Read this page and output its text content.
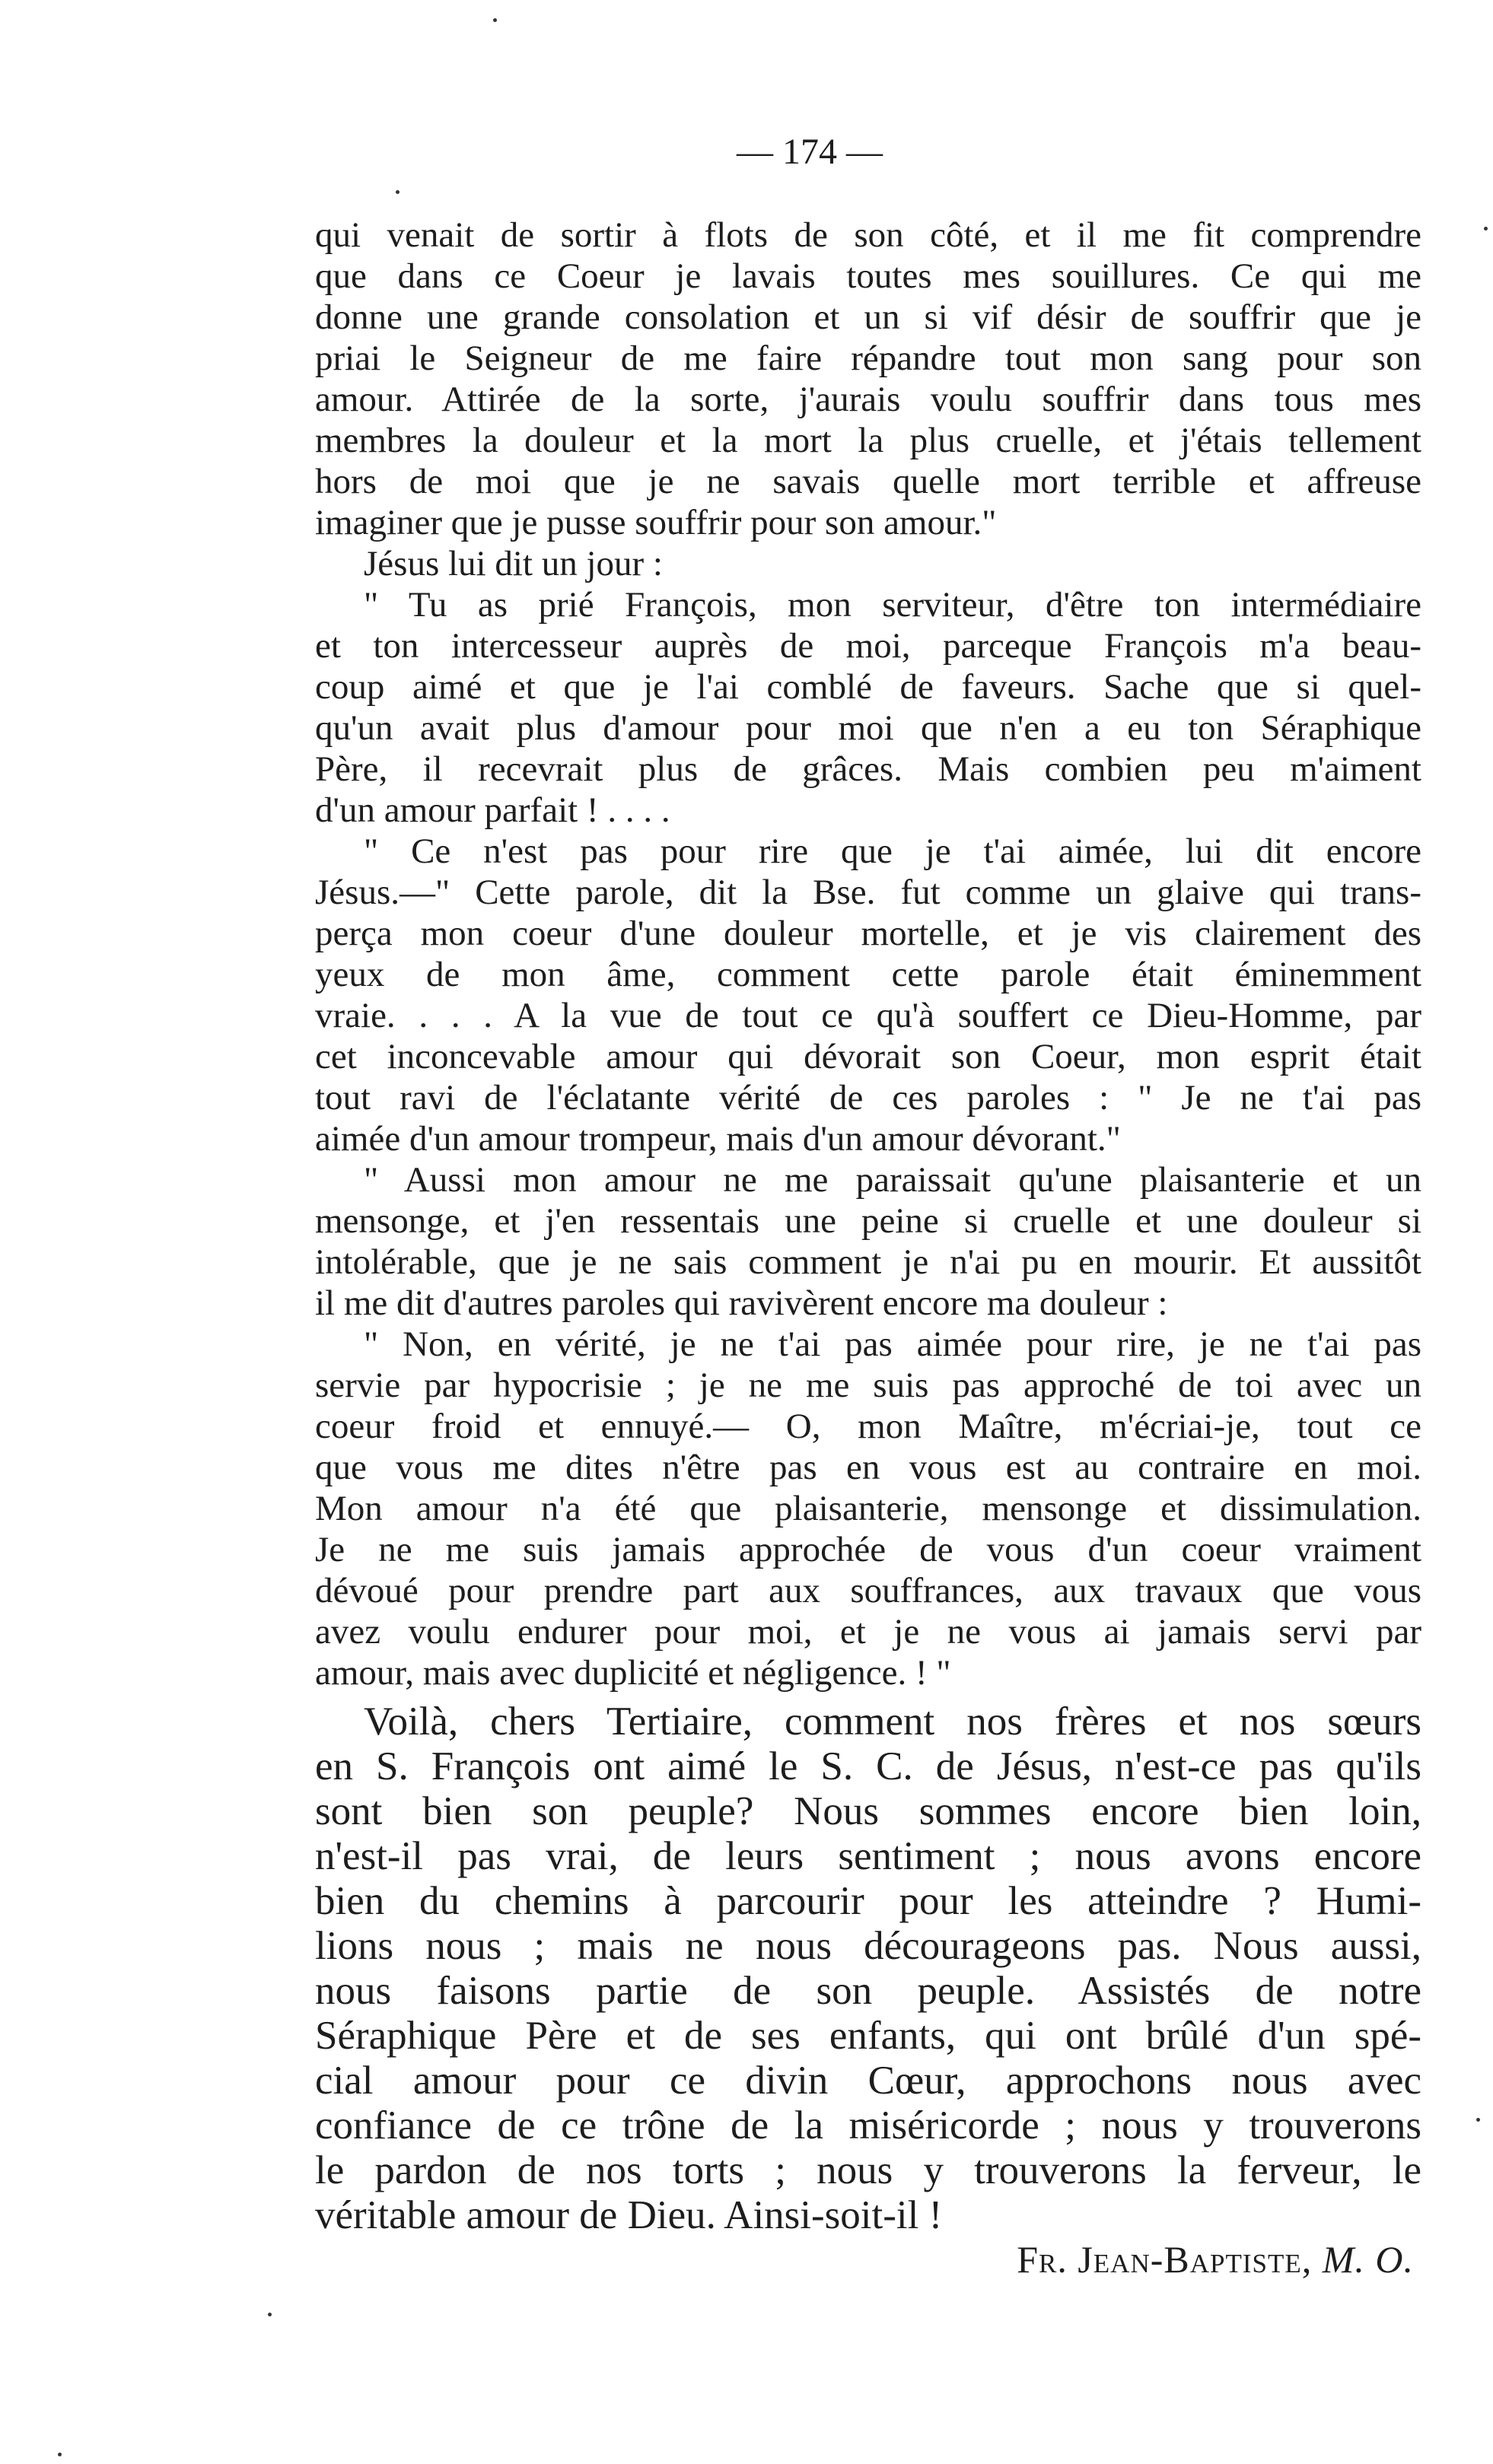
— 174 —
qui venait de sortir à flots de son côté, et il me fit comprendre
que dans ce Coeur je lavais toutes mes souillures. Ce qui me
donne une grande consolation et un si vif désir de souffrir que je
priai le Seigneur de me faire répandre tout mon sang pour son
amour. Attirée de la sorte, j'aurais voulu souffrir dans tous mes
membres la douleur et la mort la plus cruelle, et j'étais tellement
hors de moi que je ne savais quelle mort terrible et affreuse
imaginer que je pusse souffrir pour son amour."
Jésus lui dit un jour :
" Tu as prié François, mon serviteur, d'être ton intermédiaire
et ton intercesseur auprès de moi, parceque François m'a beau-
coup aimé et que je l'ai comblé de faveurs. Sache que si quel-
qu'un avait plus d'amour pour moi que n'en a eu ton Séraphique
Père, il recevrait plus de grâces. Mais combien peu m'aiment
d'un amour parfait ! . . . .
" Ce n'est pas pour rire que je t'ai aimée, lui dit encore
Jésus.—" Cette parole, dit la Bse. fut comme un glaive qui trans-
perça mon coeur d'une douleur mortelle, et je vis clairement des
yeux de mon âme, comment cette parole était éminemment
vraie. . . . A la vue de tout ce qu'à souffert ce Dieu-Homme, par
cet inconcevable amour qui dévorait son Coeur, mon esprit était
tout ravi de l'éclatante vérité de ces paroles : " Je ne t'ai pas
aimée d'un amour trompeur, mais d'un amour dévorant."
" Aussi mon amour ne me paraissait qu'une plaisanterie et un
mensonge, et j'en ressentais une peine si cruelle et une douleur si
intolérable, que je ne sais comment je n'ai pu en mourir. Et aussitôt
il me dit d'autres paroles qui ravivèrent encore ma douleur :
" Non, en vérité, je ne t'ai pas aimée pour rire, je ne t'ai pas
servie par hypocrisie ; je ne me suis pas approché de toi avec un
coeur froid et ennuyé.— O, mon Maître, m'écriai-je, tout ce
que vous me dites n'être pas en vous est au contraire en moi.
Mon amour n'a été que plaisanterie, mensonge et dissimulation.
Je ne me suis jamais approchée de vous d'un coeur vraiment
dévoué pour prendre part aux souffrances, aux travaux que vous
avez voulu endurer pour moi, et je ne vous ai jamais servi par
amour, mais avec duplicité et négligence. ! "
Voilà, chers Tertiaire, comment nos frères et nos sœurs
en S. François ont aimé le S. C. de Jésus, n'est-ce pas qu'ils
sont bien son peuple? Nous sommes encore bien loin,
n'est-il pas vrai, de leurs sentiment ; nous avons encore
bien du chemins à parcourir pour les atteindre ? Humi-
lions nous ; mais ne nous décourageons pas. Nous aussi,
nous faisons partie de son peuple. Assistés de notre
Séraphique Père et de ses enfants, qui ont brûlé d'un spé-
cial amour pour ce divin Cœur, approchons nous avec
confiance de ce trône de la miséricorde ; nous y trouverons
le pardon de nos torts ; nous y trouverons la ferveur, le
véritable amour de Dieu. Ainsi-soit-il !
Fr. Jean-Baptiste, M. O.
